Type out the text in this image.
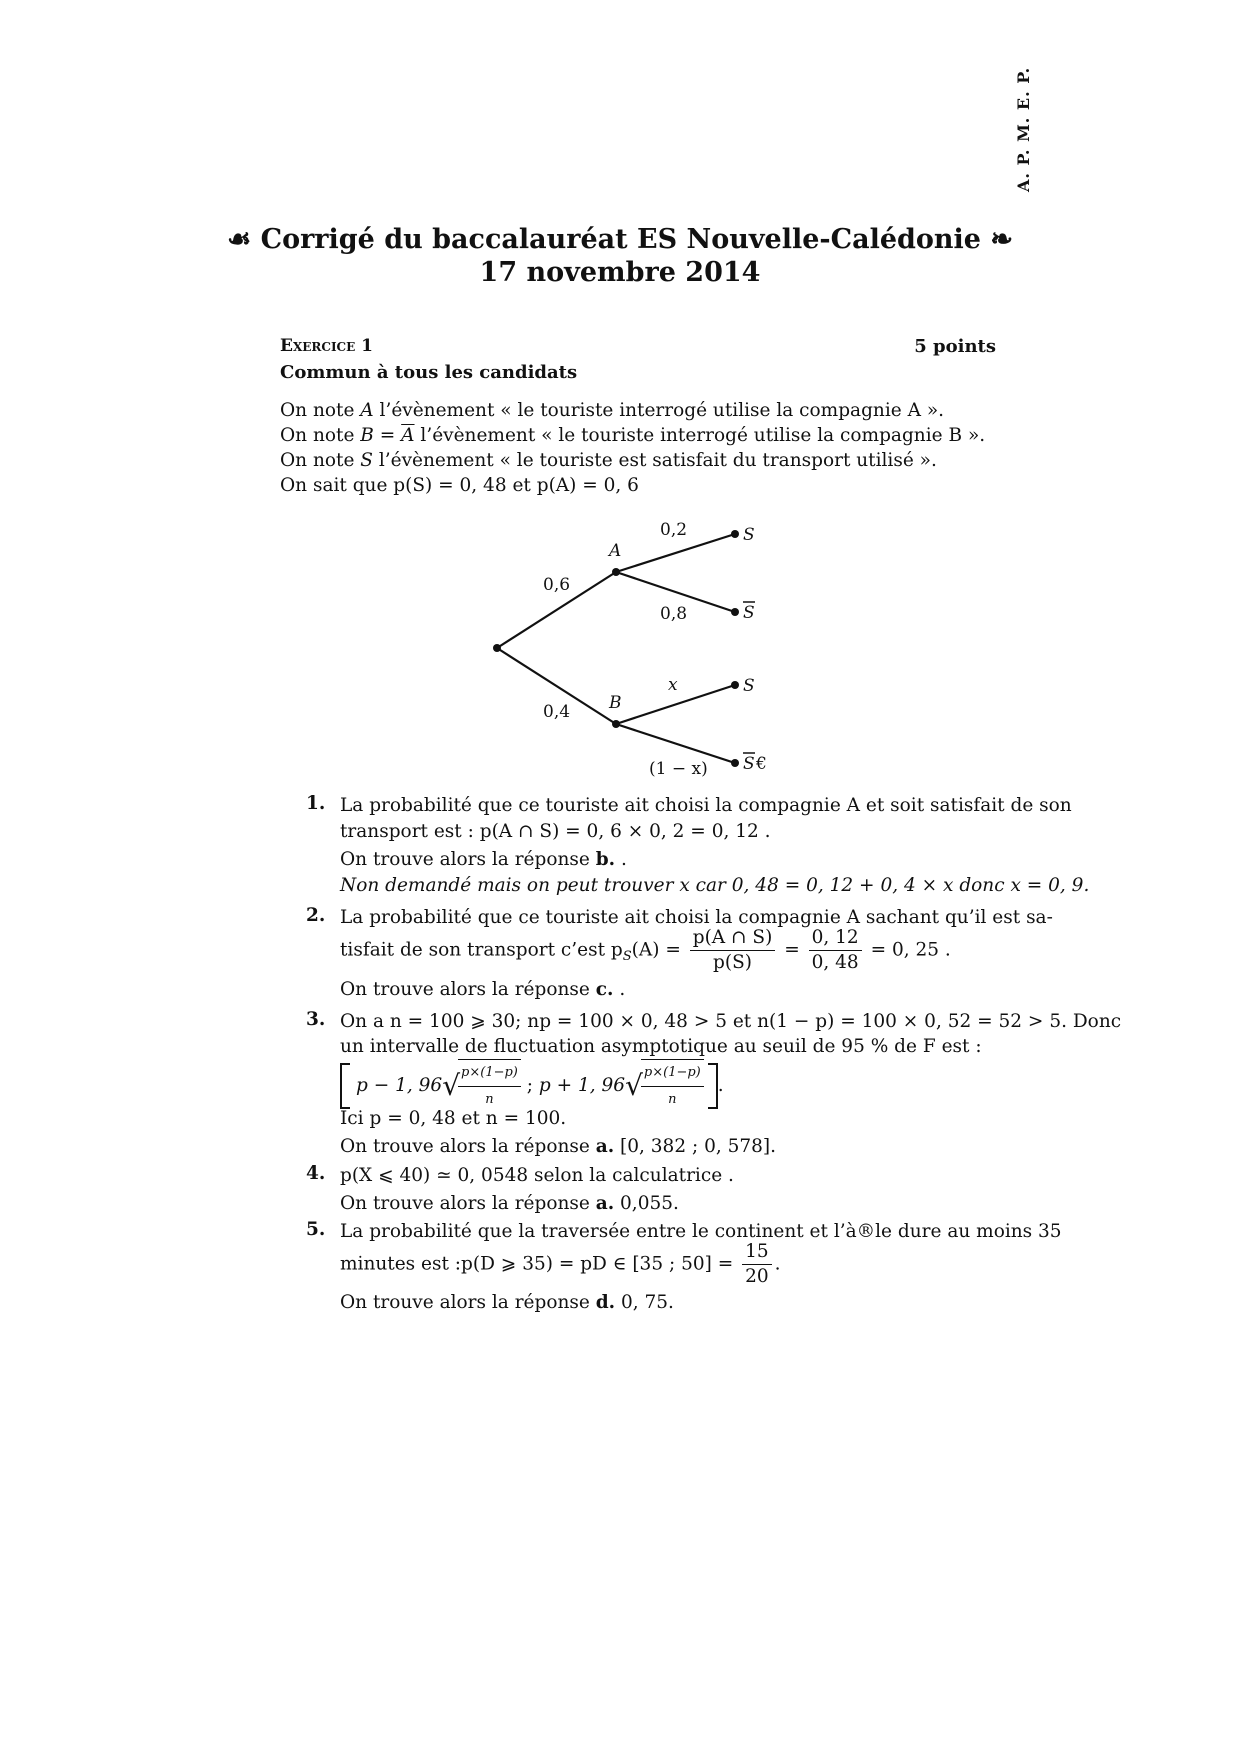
☙ Corrigé du baccalauréat ES Nouvelle-Calédonie ❧
17 novembre 2014
A. P. M. E. P.
Exercice 1	5 points
Commun à tous les candidats
On note A l’évènement « le touriste interrogé utilise la compagnie A ».
On note $B = \overline{A}$ l’évènement « le touriste interrogé utilise la compagnie B ».
On note S l’évènement « le touriste est satisfait du transport utilisé ».
On sait que p(S) = 0, 48 et p(A) = 0, 6
A
B
0,6
0,4
0,2
0,8
x
(1 − x)
S
S
S
S €
1. La probabilité que ce touriste ait choisi la compagnie A et soit satisfait de son
transport est : p(A ∩ S) = 0, 6 × 0, 2 = 0, 12 .
On trouve alors la réponse b. .
Non demandé mais on peut trouver x car 0, 48 = 0, 12 + 0, 4 × x donc x = 0, 9.
2. La probabilité que ce touriste ait choisi la compagnie A sachant qu’il est sa-
tisfait de son transport c’est $p_S(A) = \frac{p(A \cap S)}{p(S)} = \frac{0, 12}{0, 48} = 0$, 25 .
On trouve alors la réponse c. .
3. On a n = 100 ⩾ 30; np = 100 × 0, 48 > 5 et n(1 − p) = 100 × 0, 52 = 52 > 5. Donc
un intervalle de fluctuation asymptotique au seuil de 95 % de F est :
p − 1, 96√
$\frac{p\times(1-p)}{n}$ ; p + 1, 96√
$\frac{p\times(1-p)}{n}$ .
Ici p = 0, 48 et n = 100.
On trouve alors la réponse a. [0, 382 ; 0, 578].
4. p(X ⩽ 40) ≃ 0, 0548 selon la calculatrice .
On trouve alors la réponse a. 0,055.
5. La probabilité que la traversée entre le continent et l’à®le dure au moins 35
minutes est :p(D ⩾ 35) = pD ∈ [35 ; $50] = \frac{15}{20}$ .
On trouve alors la réponse d. 0, 75.
